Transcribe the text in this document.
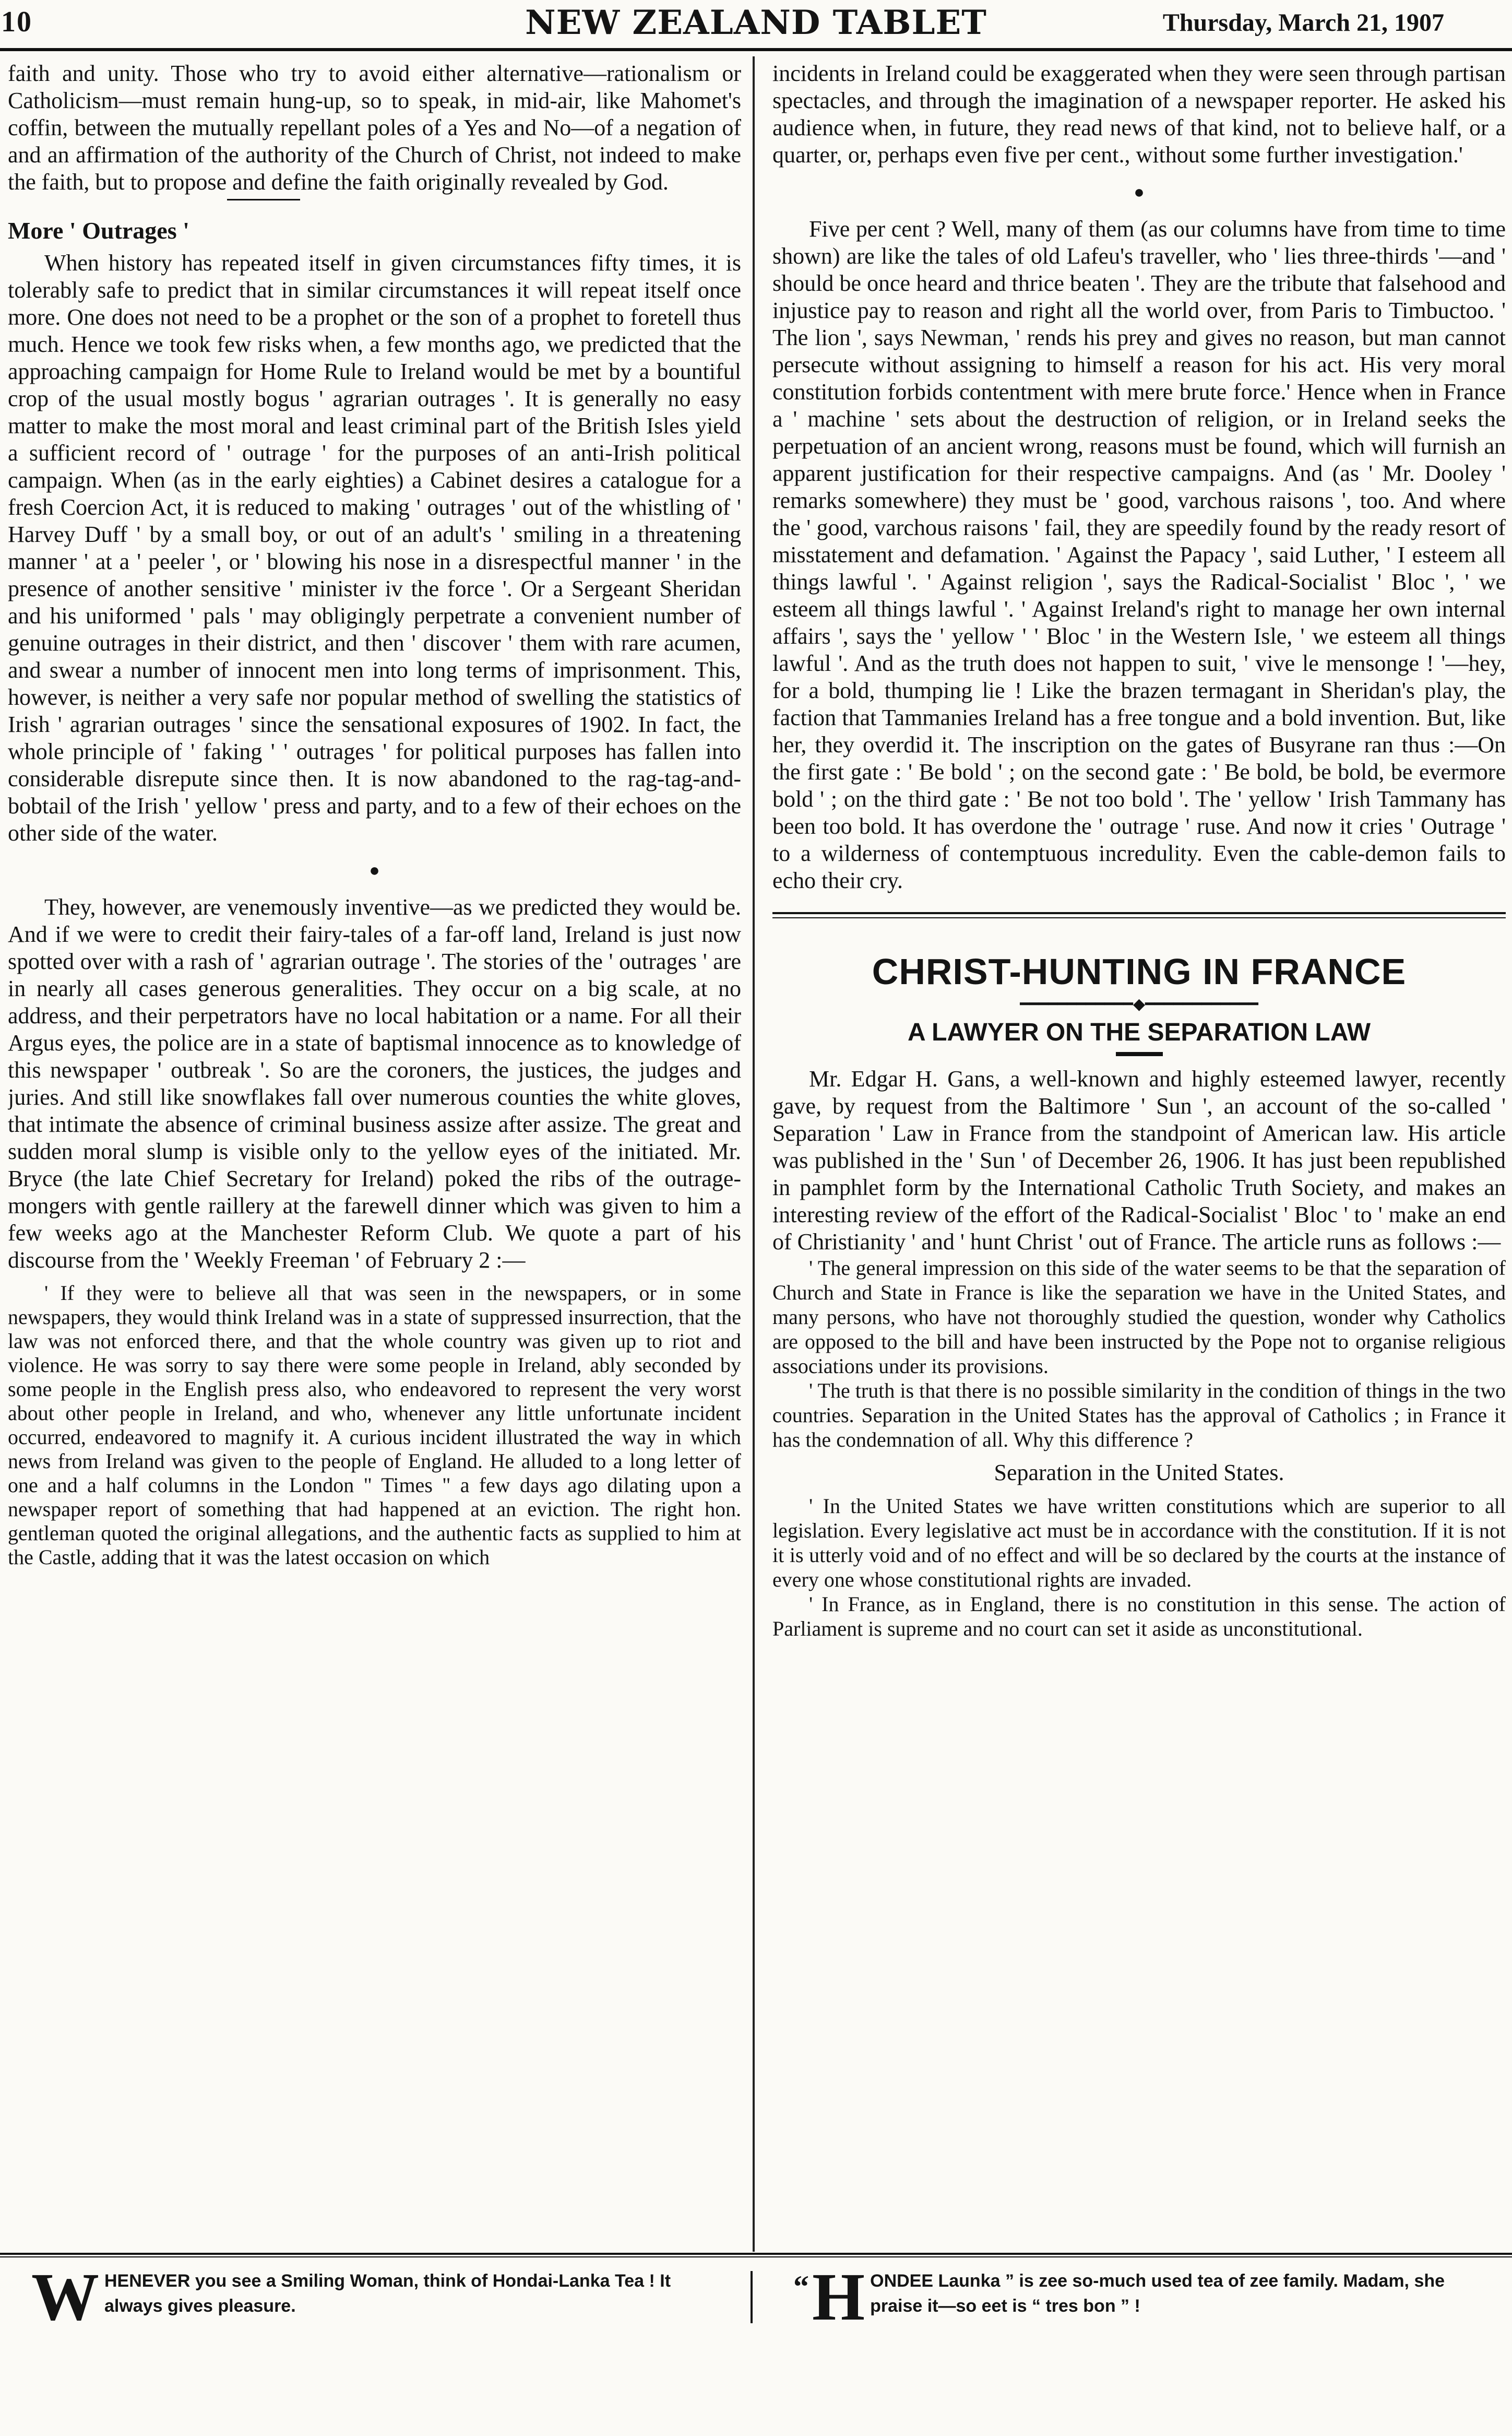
10	NEW ZEALAND TABLET	Thursday, March 21, 1907

faith and unity. Those who try to avoid either alternative—rationalism or Catholicism—must remain hung-up, so to speak, in mid-air, like Mahomet's coffin, between the mutually repellant poles of a Yes and No—of a negation of and an affirmation of the authority of the Church of Christ, not indeed to make the faith, but to propose and define the faith originally revealed by God.

More ' Outrages '

When history has repeated itself in given circumstances fifty times, it is tolerably safe to predict that in similar circumstances it will repeat itself once more. One does not need to be a prophet or the son of a prophet to foretell thus much. Hence we took few risks when, a few months ago, we predicted that the approaching campaign for Home Rule to Ireland would be met by a bountiful crop of the usual mostly bogus ' agrarian outrages '. It is generally no easy matter to make the most moral and least criminal part of the British Isles yield a sufficient record of ' outrage ' for the purposes of an anti-Irish political campaign. When (as in the early eighties) a Cabinet desires a catalogue for a fresh Coercion Act, it is reduced to making ' outrages ' out of the whistling of ' Harvey Duff ' by a small boy, or out of an adult's ' smiling in a threatening manner ' at a ' peeler ', or ' blowing his nose in a disrespectful manner ' in the presence of another sensitive ' minister iv the force '. Or a Sergeant Sheridan and his uniformed ' pals ' may obligingly perpetrate a convenient number of genuine outrages in their district, and then ' discover ' them with rare acumen, and swear a number of innocent men into long terms of imprisonment. This, however, is neither a very safe nor popular method of swelling the statistics of Irish ' agrarian outrages ' since the sensational exposures of 1902. In fact, the whole principle of ' faking ' ' outrages ' for political purposes has fallen into considerable disrepute since then. It is now abandoned to the rag-tag-and-bobtail of the Irish ' yellow ' press and party, and to a few of their echoes on the other side of the water.

●

They, however, are venemously inventive—as we predicted they would be. And if we were to credit their fairy-tales of a far-off land, Ireland is just now spotted over with a rash of ' agrarian outrage '. The stories of the ' outrages ' are in nearly all cases generous generalities. They occur on a big scale, at no address, and their perpetrators have no local habitation or a name. For all their Argus eyes, the police are in a state of baptismal innocence as to knowledge of this newspaper ' outbreak '. So are the coroners, the justices, the judges and juries. And still like snowflakes fall over numerous counties the white gloves, that intimate the absence of criminal business assize after assize. The great and sudden moral slump is visible only to the yellow eyes of the initiated. Mr. Bryce (the late Chief Secretary for Ireland) poked the ribs of the outrage-mongers with gentle raillery at the farewell dinner which was given to him a few weeks ago at the Manchester Reform Club. We quote a part of his discourse from the ' Weekly Freeman ' of February 2 :—

' If they were to believe all that was seen in the newspapers, or in some newspapers, they would think Ireland was in a state of suppressed insurrection, that the law was not enforced there, and that the whole country was given up to riot and violence. He was sorry to say there were some people in Ireland, ably seconded by some people in the English press also, who endeavored to represent the very worst about other people in Ireland, and who, whenever any little unfortunate incident occurred, endeavored to magnify it. A curious incident illustrated the way in which news from Ireland was given to the people of England. He alluded to a long letter of one and a half columns in the London " Times " a few days ago dilating upon a newspaper report of something that had happened at an eviction. The right hon. gentleman quoted the original allegations, and the authentic facts as supplied to him at the Castle, adding that it was the latest occasion on which

incidents in Ireland could be exaggerated when they were seen through partisan spectacles, and through the imagination of a newspaper reporter. He asked his audience when, in future, they read news of that kind, not to believe half, or a quarter, or, perhaps even five per cent., without some further investigation.'

●

Five per cent ? Well, many of them (as our columns have from time to time shown) are like the tales of old Lafeu's traveller, who ' lies three-thirds '—and ' should be once heard and thrice beaten '. They are the tribute that falsehood and injustice pay to reason and right all the world over, from Paris to Timbuctoo. ' The lion ', says Newman, ' rends his prey and gives no reason, but man cannot persecute without assigning to himself a reason for his act. His very moral constitution forbids contentment with mere brute force.' Hence when in France a ' machine ' sets about the destruction of religion, or in Ireland seeks the perpetuation of an ancient wrong, reasons must be found, which will furnish an apparent justification for their respective campaigns. And (as ' Mr. Dooley ' remarks somewhere) they must be ' good, varchous raisons ', too. And where the ' good, varchous raisons ' fail, they are speedily found by the ready resort of misstatement and defamation. ' Against the Papacy ', said Luther, ' I esteem all things lawful '. ' Against religion ', says the Radical-Socialist ' Bloc ', ' we esteem all things lawful '. ' Against Ireland's right to manage her own internal affairs ', says the ' yellow ' ' Bloc ' in the Western Isle, ' we esteem all things lawful '. And as the truth does not happen to suit, ' vive le mensonge ! '—hey, for a bold, thumping lie ! Like the brazen termagant in Sheridan's play, the faction that Tammanies Ireland has a free tongue and a bold invention. But, like her, they overdid it. The inscription on the gates of Busyrane ran thus :—On the first gate : ' Be bold ' ; on the second gate : ' Be bold, be bold, be evermore bold ' ; on the third gate : ' Be not too bold '. The ' yellow ' Irish Tammany has been too bold. It has overdone the ' outrage ' ruse. And now it cries ' Outrage ' to a wilderness of contemptuous incredulity. Even the cable-demon fails to echo their cry.

CHRIST-HUNTING IN FRANCE
━━━━━━━━━━━━◆━━━━━━━━━━━━
A LAWYER ON THE SEPARATION LAW

Mr. Edgar H. Gans, a well-known and highly esteemed lawyer, recently gave, by request from the Baltimore ' Sun ', an account of the so-called ' Separation ' Law in France from the standpoint of American law. His article was published in the ' Sun ' of December 26, 1906. It has just been republished in pamphlet form by the International Catholic Truth Society, and makes an interesting review of the effort of the Radical-Socialist ' Bloc ' to ' make an end of Christianity ' and ' hunt Christ ' out of France. The article runs as follows :—

' The general impression on this side of the water seems to be that the separation of Church and State in France is like the separation we have in the United States, and many persons, who have not thoroughly studied the question, wonder why Catholics are opposed to the bill and have been instructed by the Pope not to organise religious associations under its provisions.

' The truth is that there is no possible similarity in the condition of things in the two countries. Separation in the United States has the approval of Catholics ; in France it has the condemnation of all. Why this difference ?

Separation in the United States.

' In the United States we have written constitutions which are superior to all legislation. Every legislative act must be in accordance with the constitution. If it is not it is utterly void and of no effect and will be so declared by the courts at the instance of every one whose constitutional rights are invaded.

' In France, as in England, there is no constitution in this sense. The action of Parliament is supreme and no court can set it aside as unconstitutional.

W HENEVER you see a Smiling Woman, think of Hondai-Lanka Tea ! It always gives pleasure.
“ H ONDEE Launka ” is zee so-much used tea of zee family. Madam, she praise it—so eet is “ tres bon ” !
